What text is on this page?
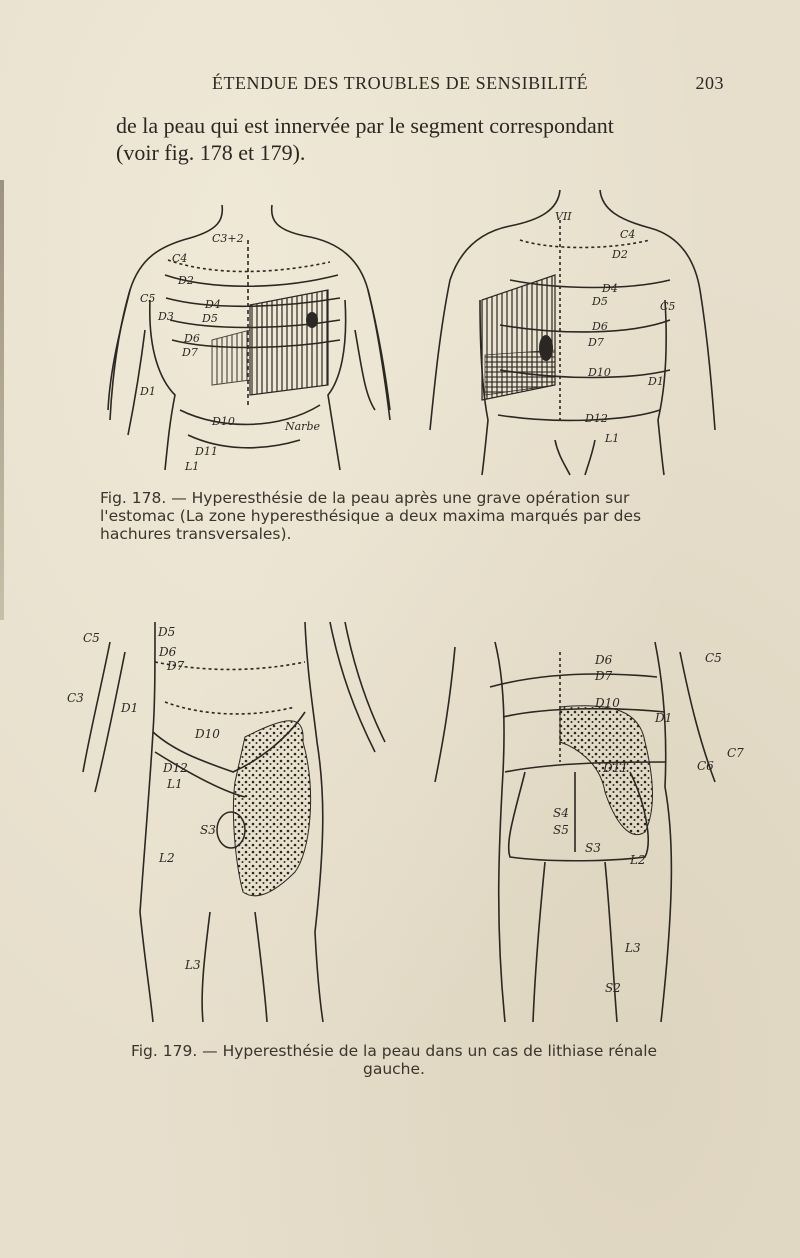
ÉTENDUE DES TROUBLES DE SENSIBILITÉ	203
de la peau qui est innervée par le segment correspondant
(voir fig. 178 et 179).
C3+2
C4
D2
D4
D5
D6
D7
C5
D3
D1
D10
D11
L1
Narbe
C4
D2
D4
D5
D6
D7
D10
D12
L1
C5
D1
VII
Fig. 178. — Hyperesthésie de la peau après une grave opération sur
l'estomac (La zone hyperesthésique a deux maxima marqués par des
hachures transversales).
C5
C3
D1
D5
D6
D7
D10
D12
L1
S3
L2
L3
D6
D7
D10
D11
D1
C5
C7
C6
S4
S5
S3
L2
L3
S2
Fig. 179. — Hyperesthésie de la peau dans un cas de lithiase rénale
gauche.
